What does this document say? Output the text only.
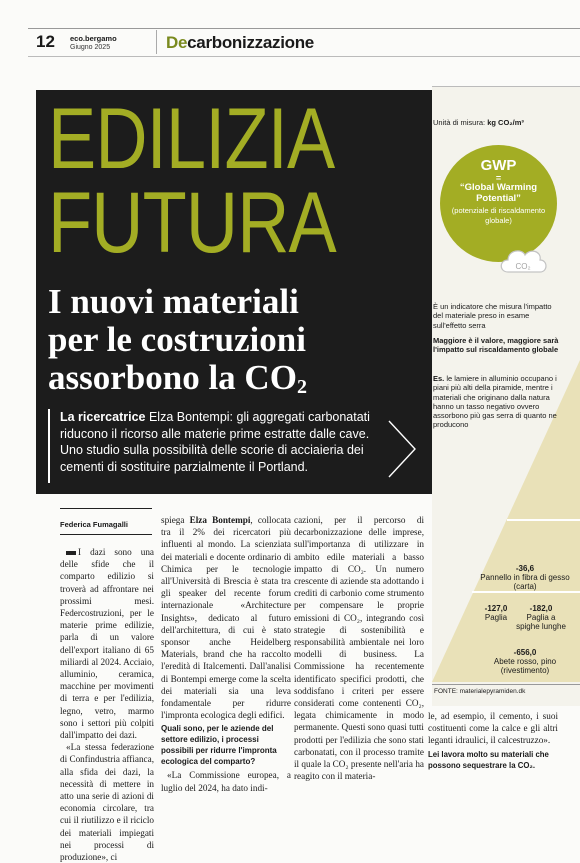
12 eco.bergamo
Giugno 2025	Decarbonizzazione
EDILIZIA
FUTURA
I nuovi materiali
per le costruzioni
assorbono la $CO_2$
La ricercatrice Elza Bontempi: gli aggregati carbonatati riducono il ricorso alle materie prime estratte dalle cave. Uno studio sulla possibilità delle scorie di acciaieria dei cementi di sostituire parzialmente il Portland.
Federica Fumagalli

I dazi sono una delle sfide che il comparto edilizio si troverà ad affrontare nei prossimi mesi. Federcostruzioni, per le materie prime edilizie, parla di un valore dell'export italiano di 65 miliardi al 2024. Acciaio, alluminio, ceramica, macchine per movimenti di terra e per l'edilizia, legno, vetro, marmo sono i settori più colpiti dall'impatto dei dazi.

«La stessa federazione di Confindustria affianca, alla sfida dei dazi, la necessità di mettere in atto una serie di azioni di economia circolare, tra cui il riutilizzo e il riciclo dei materiali impiegati nei processi di produzione», ci

spiega Elza Bontempi, collocata tra il 2% dei ricercatori più influenti al mondo. La scienziata dei materiali e docente ordinario di Chimica per le tecnologie all'Università di Brescia è stata tra gli speaker del recente forum internazionale «Architecture Insights», dedicato al futuro dell'architettura, di cui è stato sponsor anche Heidelberg Materials, brand che ha raccolto l'eredità di Italcementi. Dall'analisi di Bontempi emerge come la scelta dei materiali sia una leva fondamentale per ridurre l'impronta ecologica degli edifici.

Quali sono, per le aziende del settore edilizio, i processi possibili per ridurre l'impronta ecologica del comparto?

«La Commissione europea, a luglio del 2024, ha dato indi-

cazioni, per il percorso di decarbonizzazione delle imprese, sull'importanza di utilizzare in ambito edile materiali a basso impatto di CO₂. Un numero crescente di aziende sta adottando i crediti di carbonio come strumento per compensare le proprie emissioni di CO₂, integrando così strategie di sostenibilità e responsabilità ambientale nei loro modelli di business. La Commissione ha recentemente identificato specifici prodotti, che soddisfano i criteri per essere considerati come contenenti CO₂, legata chimicamente in modo permanente. Questi sono quasi tutti prodotti per l'edilizia che sono stati carbonatati, con il processo tramite il quale la CO₂ presente nell'aria ha reagito con il materia-

Unità di misura: kg CO₂/m³
GWP
=
“Global Warming Potential”
(potenziale di riscaldamento globale)
CO₂
È un indicatore che misura l'impatto del materiale preso in esame sull'effetto serra
Maggiore è il valore, maggiore sarà l'impatto sul riscaldamento globale
Es. le lamiere in alluminio occupano i piani più alti della piramide, mentre i materiali che originano dalla natura hanno un tasso negativo ovvero assorbono più gas serra di quanto ne producono
-36,6
Pannello in fibra di gesso (carta)
-127,0
Paglia
-182,0
Paglia a spighe lunghe
-656,0
Abete rosso, pino (rivestimento)
FONTE: materialepyramiden.dk

le, ad esempio, il cemento, i suoi costituenti come la calce e gli altri leganti idraulici, il calcestruzzo».

Lei lavora molto su materiali che possono sequestrare la CO₂.
